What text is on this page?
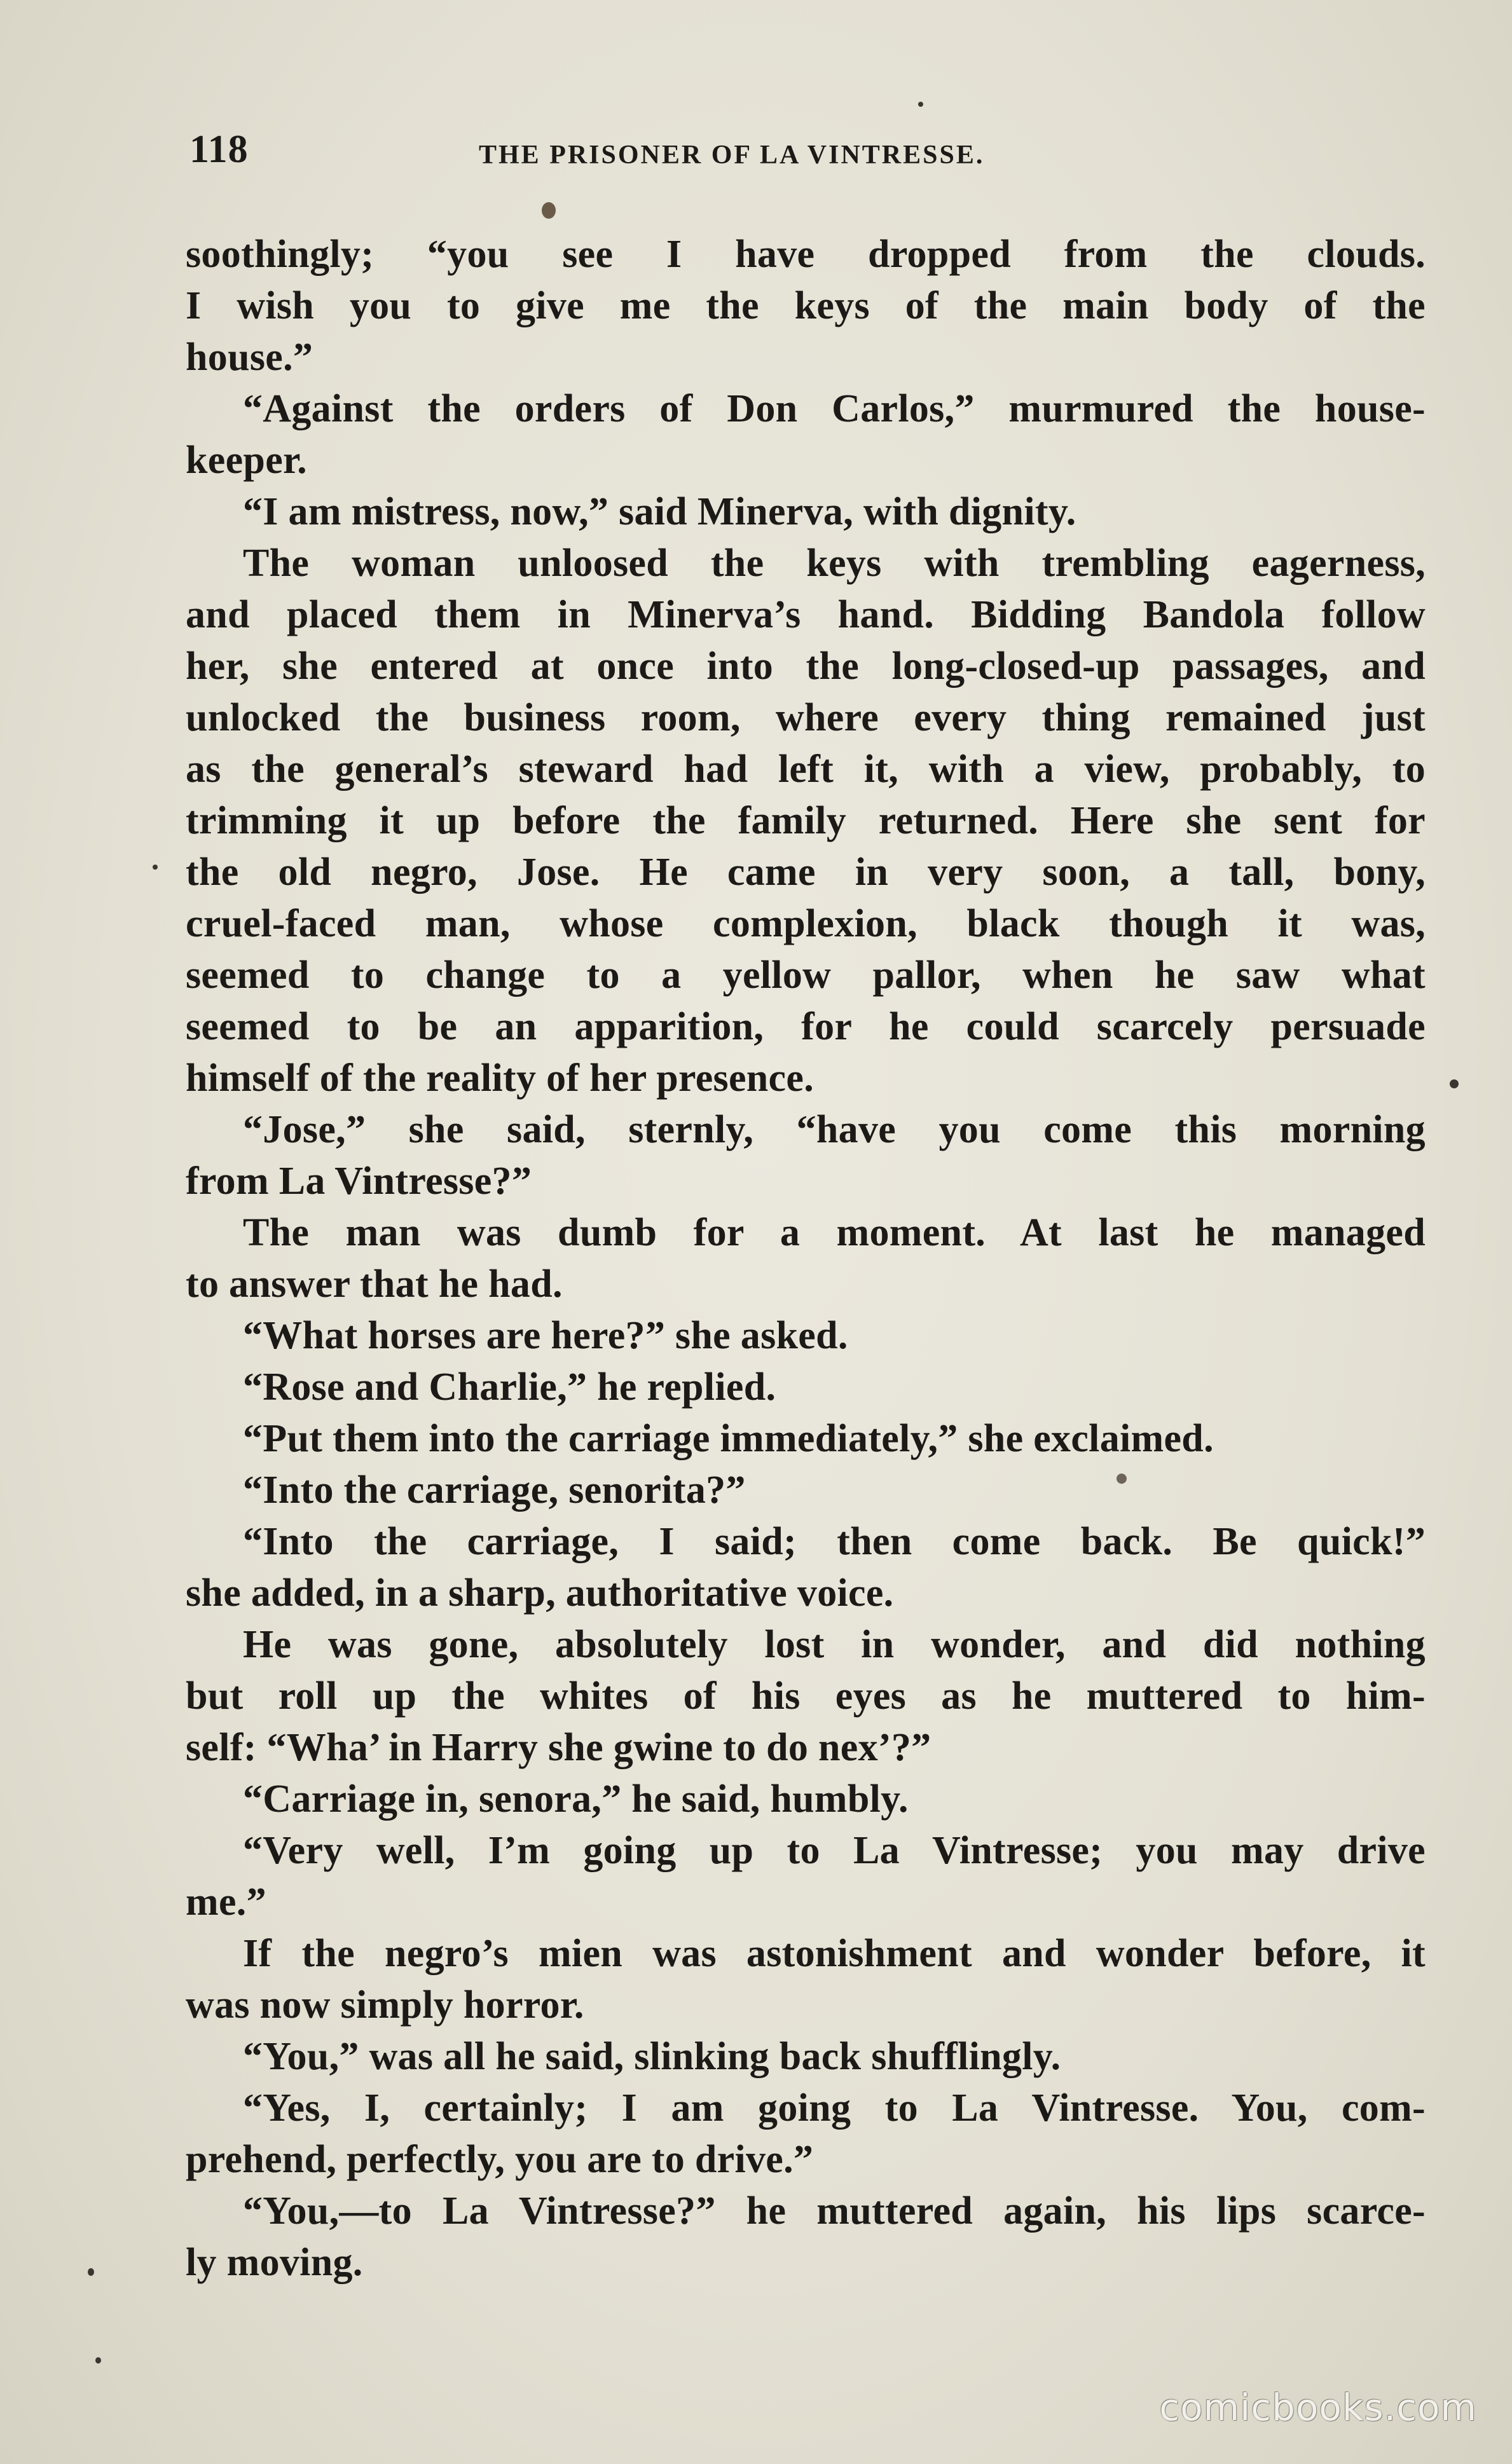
118	THE PRISONER OF LA VINTRESSE.
soothingly; “you see I have dropped from the clouds.
I wish you to give me the keys of the main body of the
house.”
“Against the orders of Don Carlos,” murmured the house-
keeper.
“I am mistress, now,” said Minerva, with dignity.
The woman unloosed the keys with trembling eagerness,
and placed them in Minerva’s hand. Bidding Bandola follow
her, she entered at once into the long-closed-up passages, and
unlocked the business room, where every thing remained just
as the general’s steward had left it, with a view, probably, to
trimming it up before the family returned. Here she sent for
the old negro, Jose. He came in very soon, a tall, bony,
cruel-faced man, whose complexion, black though it was,
seemed to change to a yellow pallor, when he saw what
seemed to be an apparition, for he could scarcely persuade
himself of the reality of her presence.
“Jose,” she said, sternly, “have you come this morning
from La Vintresse?”
The man was dumb for a moment. At last he managed
to answer that he had.
“What horses are here?” she asked.
“Rose and Charlie,” he replied.
“Put them into the carriage immediately,” she exclaimed.
“Into the carriage, senorita?”
“Into the carriage, I said; then come back. Be quick!”
she added, in a sharp, authoritative voice.
He was gone, absolutely lost in wonder, and did nothing
but roll up the whites of his eyes as he muttered to him-
self: “Wha’ in Harry she gwine to do nex’?”
“Carriage in, senora,” he said, humbly.
“Very well, I’m going up to La Vintresse; you may drive
me.”
If the negro’s mien was astonishment and wonder before, it
was now simply horror.
“You,” was all he said, slinking back shufflingly.
“Yes, I, certainly; I am going to La Vintresse. You, com-
prehend, perfectly, you are to drive.”
“You,—to La Vintresse?” he muttered again, his lips scarce-
ly moving.
comicbooks.com
